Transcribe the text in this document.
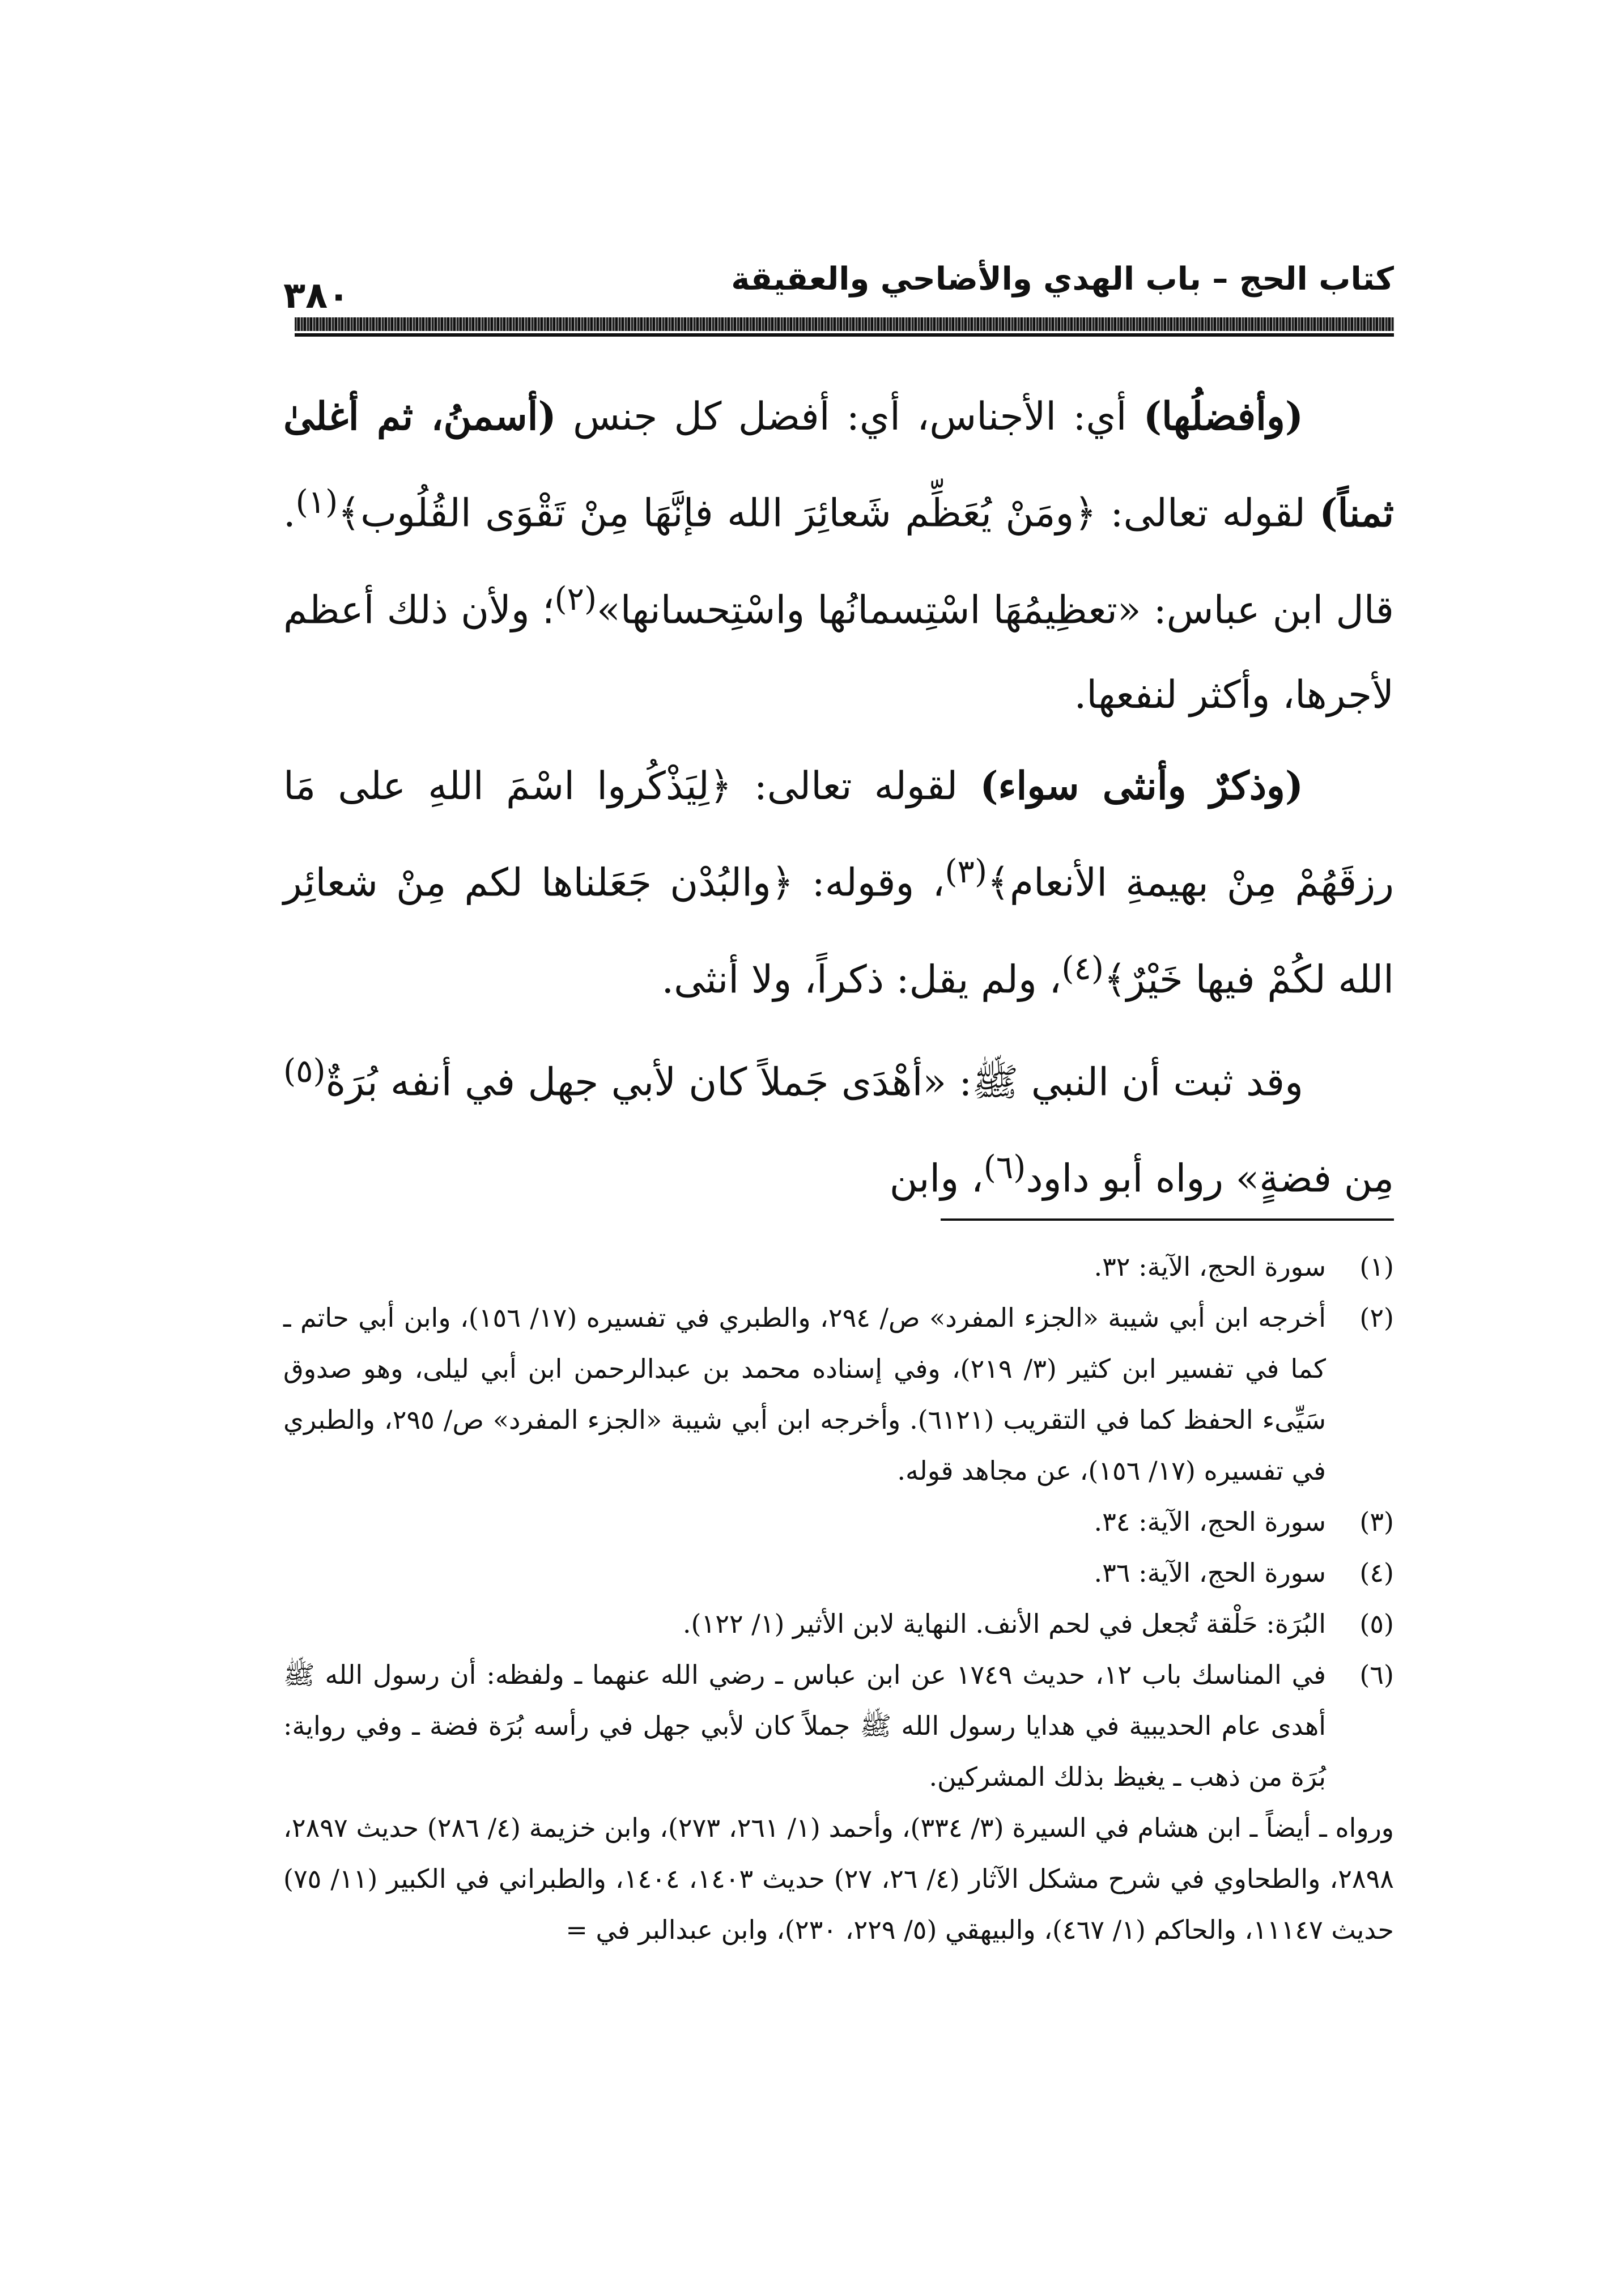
٣٨٠	كتاب الحج – باب الهدي والأضاحي والعقيقة

(وأفضلُها) أي: الأجناس، أي: أفضل كل جنس (أسمنُ، ثم أغلىٰ ثمناً) لقوله تعالى: ﴿ومَنْ يُعَظِّم شَعائِرَ الله فإنَّهَا مِنْ تَقْوَى القُلُوب﴾$^{(١)}$. قال ابن عباس: «تعظِيمُهَا اسْتِسمانُها واسْتِحسانها»$^{(٢)}$؛ ولأن ذلك أعظم لأجرها، وأكثر لنفعها.

(وذكرٌ وأنثى سواء) لقوله تعالى: ﴿لِيَذْكُروا اسْمَ اللهِ على مَا رزقَهُمْ مِنْ بهيمةِ الأنعام﴾$^{(٣)}$، وقوله: ﴿والبُدْن جَعَلناها لكم مِنْ شعائِر الله لكُمْ فيها خَيْرٌ﴾$^{(٤)}$، ولم يقل: ذكراً، ولا أنثى.

وقد ثبت أن النبي ﷺ: «أهْدَى جَملاً كان لأبي جهل في أنفه بُرَةٌ$^{(٥)}$ مِن فضةٍ» رواه أبو داود$^{(٦)}$، وابن

(١)
سورة الحج، الآية: ٣٢.
(٢)
أخرجه ابن أبي شيبة «الجزء المفرد» ص/ ٢٩٤، والطبري في تفسيره (١٧/ ١٥٦)، وابن أبي حاتم ـ كما في تفسير ابن كثير (٣/ ٢١٩)، وفي إسناده محمد بن عبدالرحمن ابن أبي ليلى، وهو صدوق سَيِّىء الحفظ كما في التقريب (٦١٢١). وأخرجه ابن أبي شيبة «الجزء المفرد» ص/ ٢٩٥، والطبري في تفسيره (١٧/ ١٥٦)، عن مجاهد قوله.
(٣)
سورة الحج، الآية: ٣٤.
(٤)
سورة الحج، الآية: ٣٦.
(٥)
البُرَة: حَلْقة تُجعل في لحم الأنف. النهاية لابن الأثير (١/ ١٢٢).
(٦)
في المناسك باب ١٢، حديث ١٧٤٩ عن ابن عباس ـ رضي الله عنهما ـ ولفظه: أن رسول الله ﷺ أهدى عام الحديبية في هدايا رسول الله ﷺ جملاً كان لأبي جهل في رأسه بُرَة فضة ـ وفي رواية: بُرَة من ذهب ـ يغيظ بذلك المشركين.
ورواه ـ أيضاً ـ ابن هشام في السيرة (٣/ ٣٣٤)، وأحمد (١/ ٢٦١، ٢٧٣)، وابن خزيمة (٤/ ٢٨٦) حديث ٢٨٩٧، ٢٨٩٨، والطحاوي في شرح مشكل الآثار (٤/ ٢٦، ٢٧) حديث ١٤٠٣، ١٤٠٤، والطبراني في الكبير (١١/ ٧٥) حديث ١١١٤٧، والحاكم (١/ ٤٦٧)، والبيهقي (٥/ ٢٢٩، ٢٣٠)، وابن عبدالبر في =
